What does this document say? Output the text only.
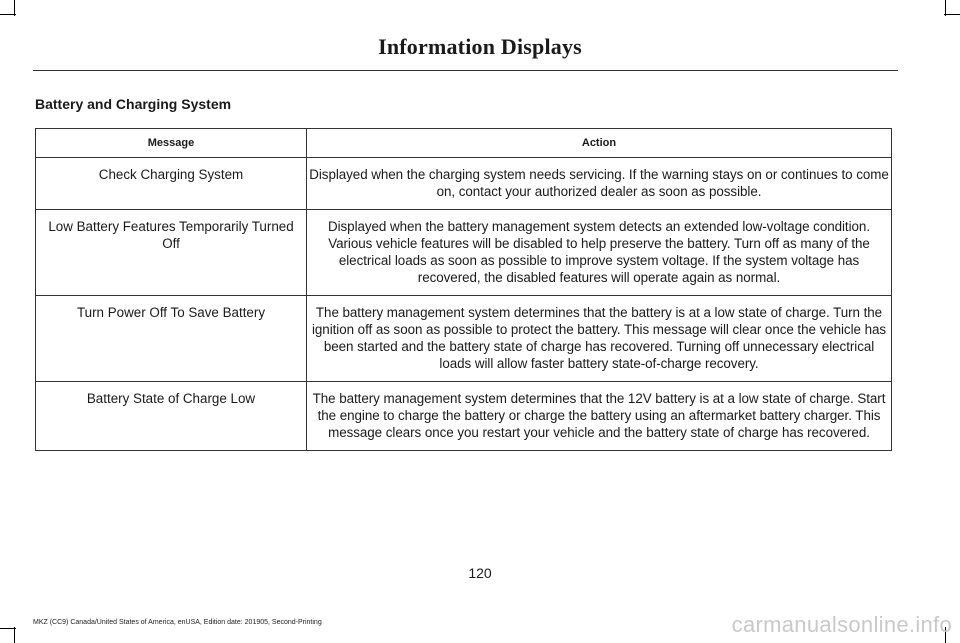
Information Displays
Battery and Charging System
Message	Action
Check Charging System	Displayed when the charging system needs servicing. If the warning stays on or continues to come on, contact your authorized dealer as soon as possible.
Low Battery Features Temporarily Turned Off	Displayed when the battery management system detects an extended low-voltage condition. Various vehicle features will be disabled to help preserve the battery. Turn off as many of the electrical loads as soon as possible to improve system voltage. If the system voltage has recovered, the disabled features will operate again as normal.
Turn Power Off To Save Battery	The battery management system determines that the battery is at a low state of charge. Turn the ignition off as soon as possible to protect the battery. This message will clear once the vehicle has been started and the battery state of charge has recovered. Turning off unnecessary electrical loads will allow faster battery state-of-charge recovery.
Battery State of Charge Low	The battery management system determines that the 12V battery is at a low state of charge. Start the engine to charge the battery or charge the battery using an aftermarket battery charger. This message clears once you restart your vehicle and the battery state of charge has recovered.
120
MKZ (CC9) Canada/United States of America, enUSA, Edition date: 201905, Second-Printing	carmanualsonline.info
